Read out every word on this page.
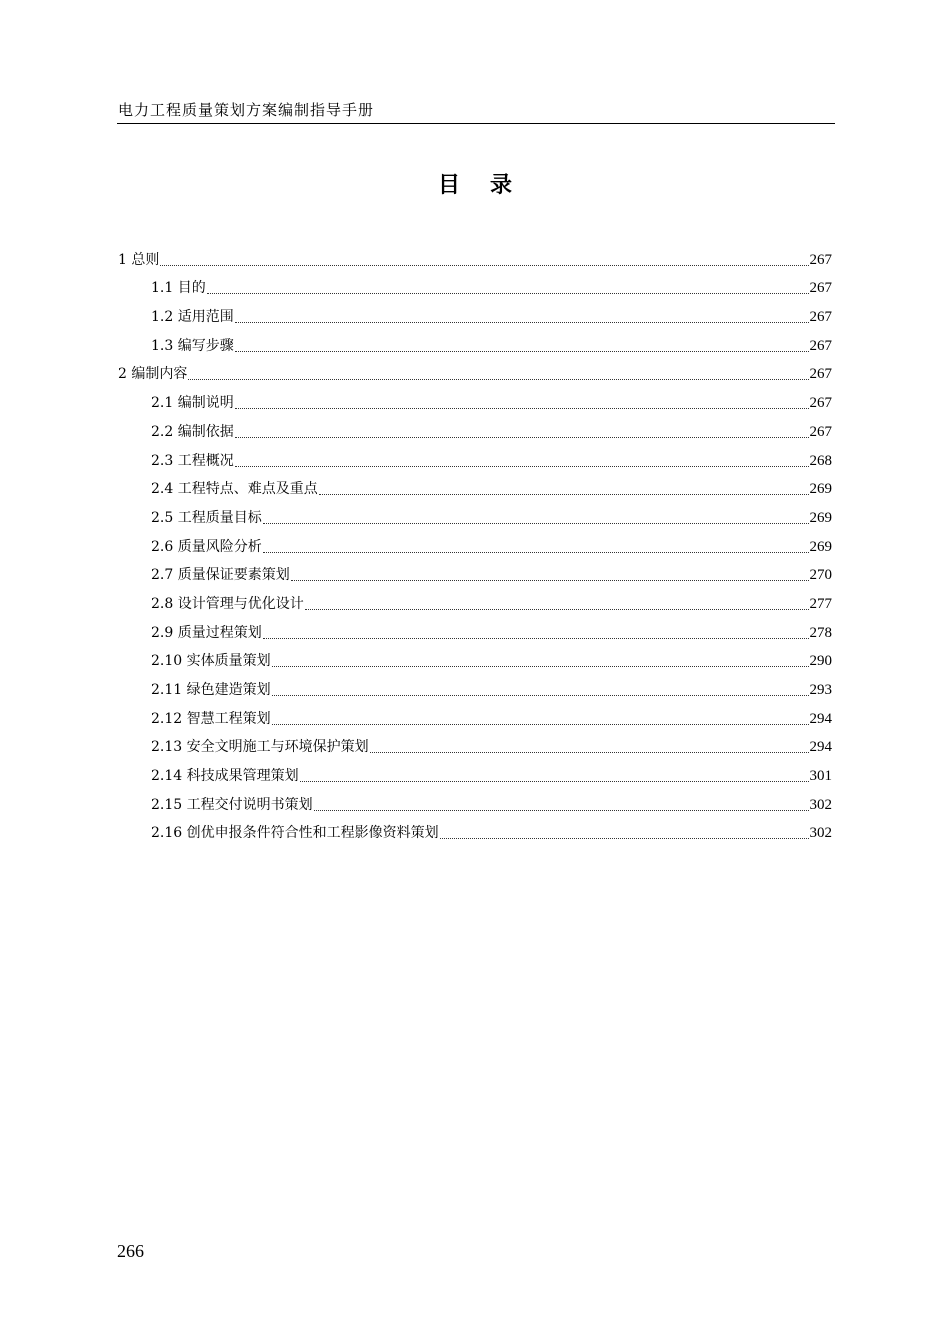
电力工程质量策划方案编制指导手册
目录
1 总则	267
1.1 目的	267
1.2 适用范围	267
1.3 编写步骤	267
2 编制内容	267
2.1 编制说明	267
2.2 编制依据	267
2.3 工程概况	268
2.4 工程特点、难点及重点	269
2.5 工程质量目标	269
2.6 质量风险分析	269
2.7 质量保证要素策划	270
2.8 设计管理与优化设计	277
2.9 质量过程策划	278
2.10 实体质量策划	290
2.11 绿色建造策划	293
2.12 智慧工程策划	294
2.13 安全文明施工与环境保护策划	294
2.14 科技成果管理策划	301
2.15 工程交付说明书策划	302
2.16 创优申报条件符合性和工程影像资料策划	302
266
